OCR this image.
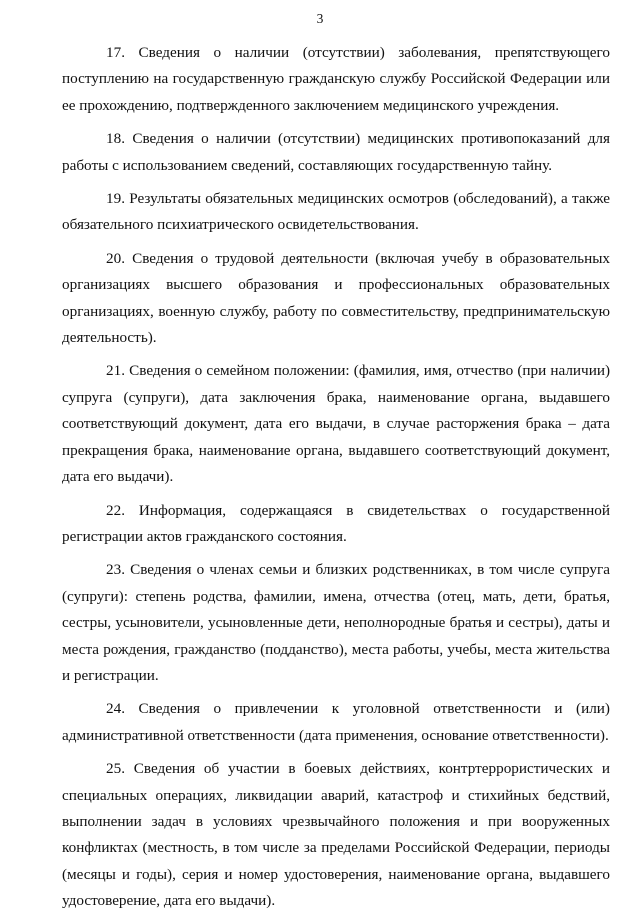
3

17. Сведения о наличии (отсутствии) заболевания, препятствующего поступлению на государственную гражданскую службу Российской Федерации или ее прохождению, подтвержденного заключением медицинского учреждения.

18. Сведения о наличии (отсутствии) медицинских противопоказаний для работы с использованием сведений, составляющих государственную тайну.

19. Результаты обязательных медицинских осмотров (обследований), а также обязательного психиатрического освидетельствования.

20. Сведения о трудовой деятельности (включая учебу в образовательных организациях высшего образования и профессиональных образовательных организациях, военную службу, работу по совместительству, предпринимательскую деятельность).

21. Сведения о семейном положении: (фамилия, имя, отчество (при наличии) супруга (супруги), дата заключения брака, наименование органа, выдавшего соответствующий документ, дата его выдачи, в случае расторжения брака – дата прекращения брака, наименование органа, выдавшего соответствующий документ, дата его выдачи).

22. Информация, содержащаяся в свидетельствах о государственной регистрации актов гражданского состояния.

23. Сведения о членах семьи и близких родственниках, в том числе супруга (супруги): степень родства, фамилии, имена, отчества (отец, мать, дети, братья, сестры, усыновители, усыновленные дети, неполнородные братья и сестры), даты и места рождения, гражданство (подданство), места работы, учебы, места жительства и регистрации.

24. Сведения о привлечении к уголовной ответственности и (или) административной ответственности (дата применения, основание ответственности).

25. Сведения об участии в боевых действиях, контртеррористических и специальных операциях, ликвидации аварий, катастроф и стихийных бедствий, выполнении задач в условиях чрезвычайного положения и при вооруженных конфликтах (местность, в том числе за пределами Российской Федерации, периоды (месяцы и годы), серия и номер удостоверения, наименование органа, выдавшего удостоверение, дата его выдачи).
